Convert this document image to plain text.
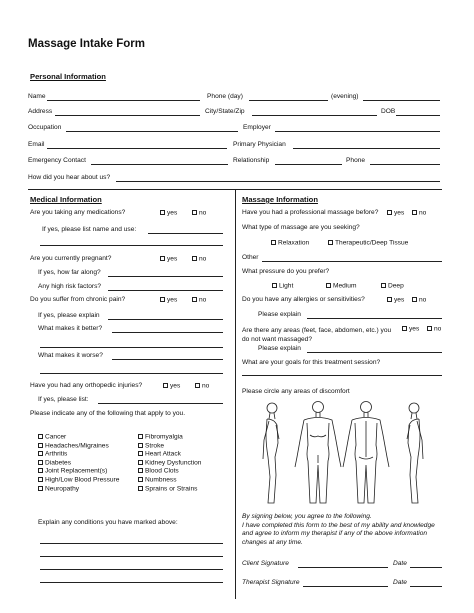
Massage Intake Form
Personal Information
Name	Phone (day)	(evening)
Address	City/State/Zip	DOB
Occupation	Employer
Email	Primary Physician
Emergency Contact	Relationship	Phone
How did you hear about us?
Medical Information
Are you taking any medications?	yes	no
If yes, please list name and use:
Are you currently pregnant?	yes	no
If yes, how far along?
Any high risk factors?
Do you suffer from chronic pain?	yes	no
If yes, please explain
What makes it better?
What makes it worse?
Have you had any orthopedic injuries?	yes	no
If yes, please list:
Please indicate any of the following that apply to you.
Cancer
Headaches/Migraines
Arthritis
Diabetes
Joint Replacement(s)
High/Low Blood Pressure
Neuropathy
Fibromyalgia
Stroke
Heart Attack
Kidney Dysfunction
Blood Clots
Numbness
Sprains or Strains
Explain any conditions you have marked above:
Massage Information
Have you had a professional massage before?	yes	no
What type of massage are you seeking?
Relaxation	Therapeutic/Deep Tissue
Other
What pressure do you prefer?
Light	Medium	Deep
Do you have any allergies or sensitivities?	yes	no
Please explain
Are there any areas (feet, face, abdomen, etc.) you do not want massaged?
yes	no
Please explain
What are your goals for this treatment session?
Please circle any areas of discomfort
By signing below, you agree to the following.
I have completed this form to the best of my ability and knowledge and agree to inform my therapist if any of the above information changes at any time.
Client Signature	Date
Therapist Signature	Date
